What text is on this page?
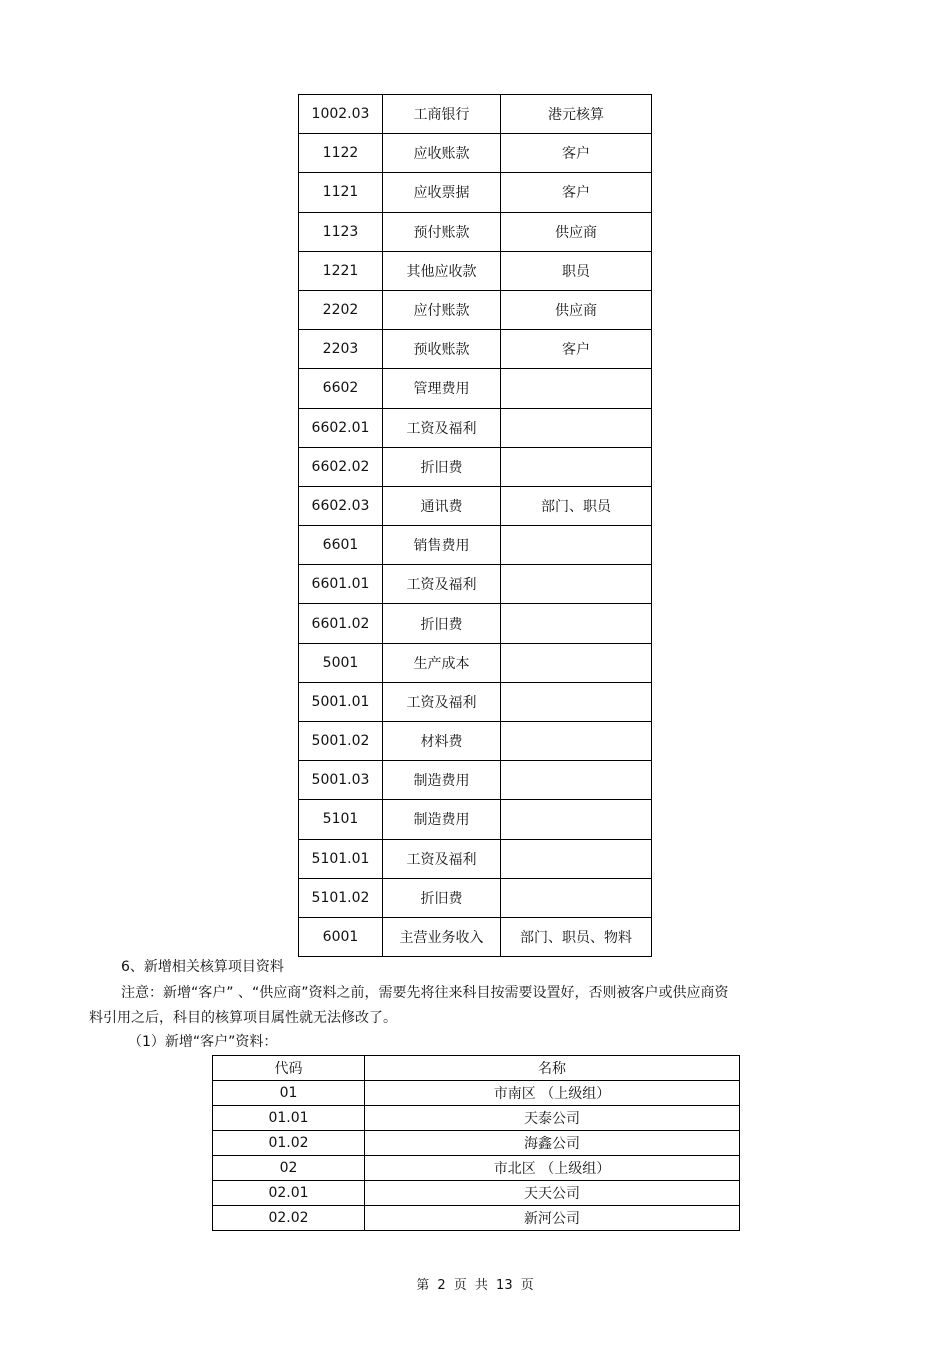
1002.03	工商银行	港元核算
1122	应收账款	客户
1121	应收票据	客户
1123	预付账款	供应商
1221	其他应收款	职员
2202	应付账款	供应商
2203	预收账款	客户
6602	管理费用	
6602.01	工资及福利	
6602.02	折旧费	
6602.03	通讯费	部门、职员
6601	销售费用	
6601.01	工资及福利	
6601.02	折旧费	
5001	生产成本	
5001.01	工资及福利	
5001.02	材料费	
5001.03	制造费用	
5101	制造费用	
5101.01	工资及福利	
5101.02	折旧费	
6001	主营业务收入	部门、职员、物料
6、新增相关核算项目资料
注意：新增“客户” 、“供应商”资料之前，需要先将往来科目按需要设置好，否则被客户或供应商资
料引用之后，科目的核算项目属性就无法修改了。
（1）新增“客户”资料：
代码	名称
01	市南区 （上级组）
01.01	天泰公司
01.02	海鑫公司
02	市北区 （上级组）
02.01	天天公司
02.02	新河公司
第 2 页 共 13 页
